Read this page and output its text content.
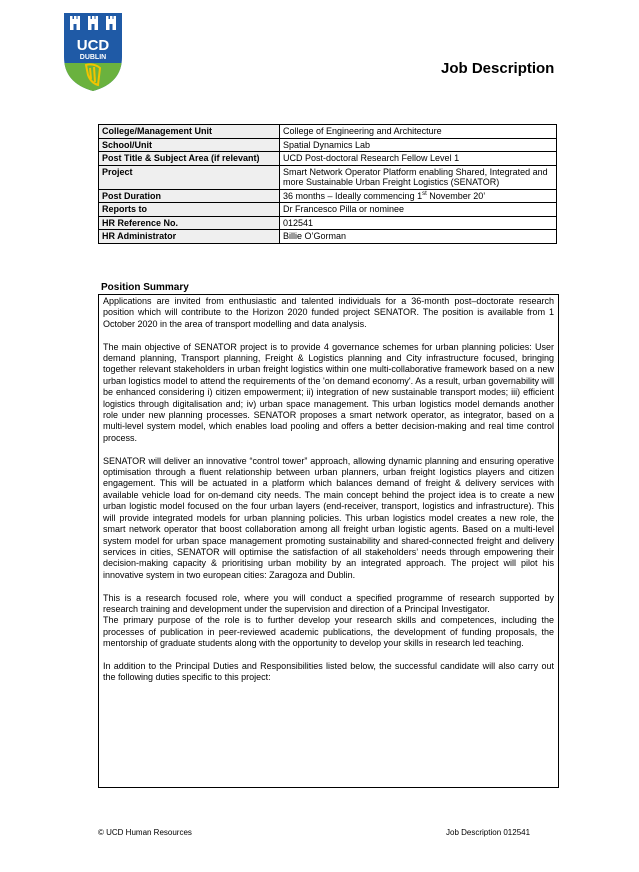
UCD
DUBLIN
Job Description
College/Management Unit	College of Engineering and Architecture
School/Unit	Spatial Dynamics Lab
Post Title & Subject Area (if relevant)	UCD Post-doctoral Research Fellow Level 1
Project	Smart Network Operator Platform enabling Shared, Integrated and more Sustainable Urban Freight Logistics (SENATOR)
Post Duration	36 months – Ideally commencing 1st November 20’
Reports to	Dr Francesco Pilla or nominee
HR Reference No.	012541
HR Administrator	Billie O’Gorman
Position Summary

Applications are invited from enthusiastic and talented individuals for a 36-month post–doctorate research position which will contribute to the Horizon 2020 funded project SENATOR. The position is available from 1 October 2020 in the area of transport modelling and data analysis.

The main objective of SENATOR project is to provide 4 governance schemes for urban planning policies: User demand planning, Transport planning, Freight & Logistics planning and City infrastructure focused, bringing together relevant stakeholders in urban freight logistics within one multi-collaborative framework based on a new urban logistics model to attend the requirements of the 'on demand economy'. As a result, urban governability will be enhanced considering i) citizen empowerment; ii) integration of new sustainable transport modes; iii) efficient logistics through digitalisation and; iv) urban space management. This urban logistics model demands another role under new planning processes. SENATOR proposes a smart network operator, as integrator, based on a multi-level system model, which enables load pooling and offers a better decision-making and real time control process.

SENATOR will deliver an innovative “control tower” approach, allowing dynamic planning and ensuring operative optimisation through a fluent relationship between urban planners, urban freight logistics players and citizen engagement. This will be actuated in a platform which balances demand of freight & delivery services with available vehicle load for on-demand city needs. The main concept behind the project idea is to create a new urban logistic model focused on the four urban layers (end-receiver, transport, logistics and infrastructure). This will provide integrated models for urban planning policies. This urban logistics model creates a new role, the smart network operator that boost collaboration among all freight urban logistic agents. Based on a multi-level system model for urban space management promoting sustainability and shared-connected freight and delivery services in cities, SENATOR will optimise the satisfaction of all stakeholders’ needs through empowering their decision-making capacity & prioritising urban mobility by an integrated approach. The project will pilot his innovative system in two european cities: Zaragoza and Dublin.

This is a research focused role, where you will conduct a specified programme of research supported by research training and development under the supervision and direction of a Principal Investigator.

The primary purpose of the role is to further develop your research skills and competences, including the processes of publication in peer-reviewed academic publications, the development of funding proposals, the mentorship of graduate students along with the opportunity to develop your skills in research led teaching.

In addition to the Principal Duties and Responsibilities listed below, the successful candidate will also carry out the following duties specific to this project:

© UCD Human Resources	Job Description 012541
